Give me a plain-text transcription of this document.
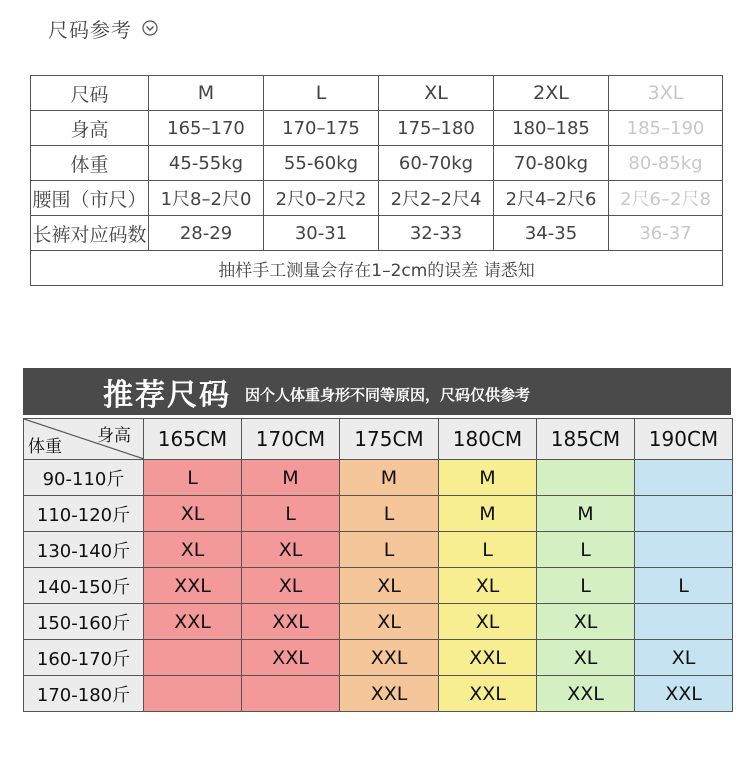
尺码参考
尺码	M	L	XL	2XL	3XL
身高	165–170	170–175	175–180	180–185	185–190
体重	45-55kg	55-60kg	60-70kg	70-80kg	80-85kg
腰围（市尺）	1尺8–2尺0	2尺0–2尺2	2尺2–2尺4	2尺4–2尺6	2尺6–2尺8
长裤对应码数	28-29	30-31	32-33	34-35	36-37
抽样手工测量会存在1–2cm的误差 请悉知					
推荐尺码 因个人体重身形不同等原因，尺码仅供参考
身高
体重	165CM	170CM	175CM	180CM	185CM	190CM
90-110斤	L	M	M	M		
110-120斤	XL	L	L	M	M	
130-140斤	XL	XL	L	L	L	
140-150斤	XXL	XL	XL	XL	L	L
150-160斤	XXL	XXL	XL	XL	XL	
160-170斤		XXL	XXL	XXL	XL	XL
170-180斤			XXL	XXL	XXL	XXL
